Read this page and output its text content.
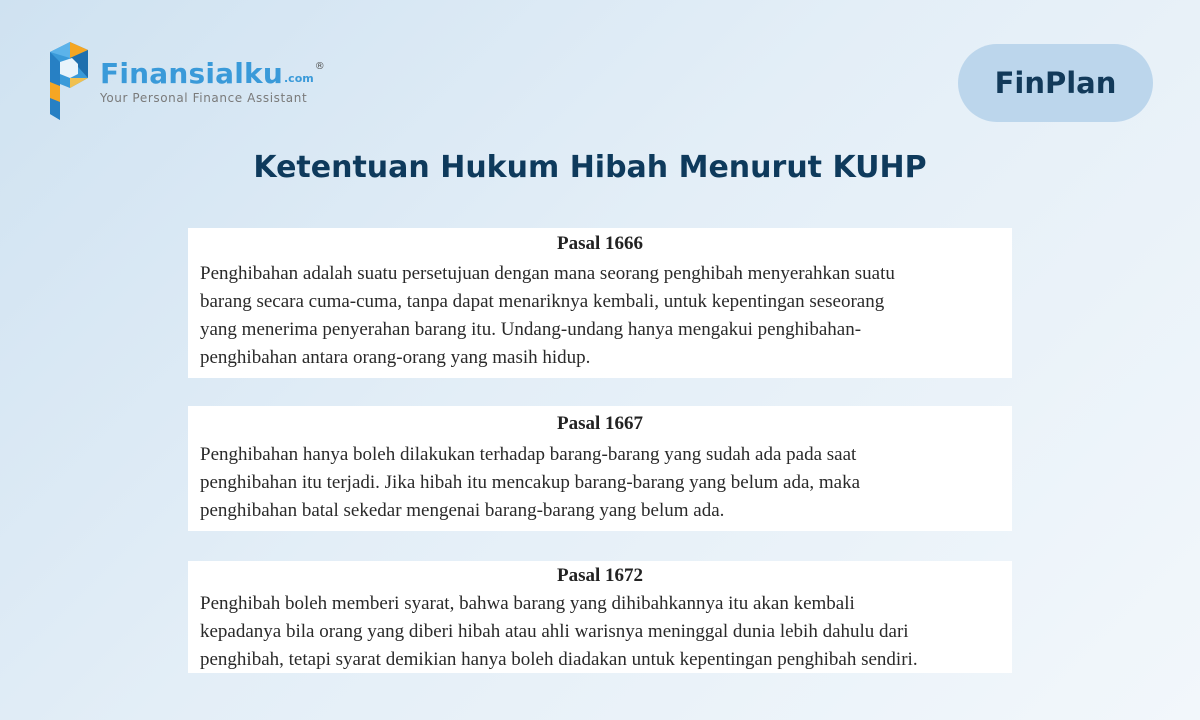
Finansialku .com
®
Your Personal Finance Assistant	FinPlan
Ketentuan Hukum Hibah Menurut KUHP
Pasal 1666
Penghibahan adalah suatu persetujuan dengan mana seorang penghibah menyerahkan suatu
barang secara cuma-cuma, tanpa dapat menariknya kembali, untuk kepentingan seseorang
yang menerima penyerahan barang itu. Undang-undang hanya mengakui penghibahan-
penghibahan antara orang-orang yang masih hidup.
Pasal 1667
Penghibahan hanya boleh dilakukan terhadap barang-barang yang sudah ada pada saat
penghibahan itu terjadi. Jika hibah itu mencakup barang-barang yang belum ada, maka
penghibahan batal sekedar mengenai barang-barang yang belum ada.
Pasal 1672
Penghibah boleh memberi syarat, bahwa barang yang dihibahkannya itu akan kembali
kepadanya bila orang yang diberi hibah atau ahli warisnya meninggal dunia lebih dahulu dari
penghibah, tetapi syarat demikian hanya boleh diadakan untuk kepentingan penghibah sendiri.
